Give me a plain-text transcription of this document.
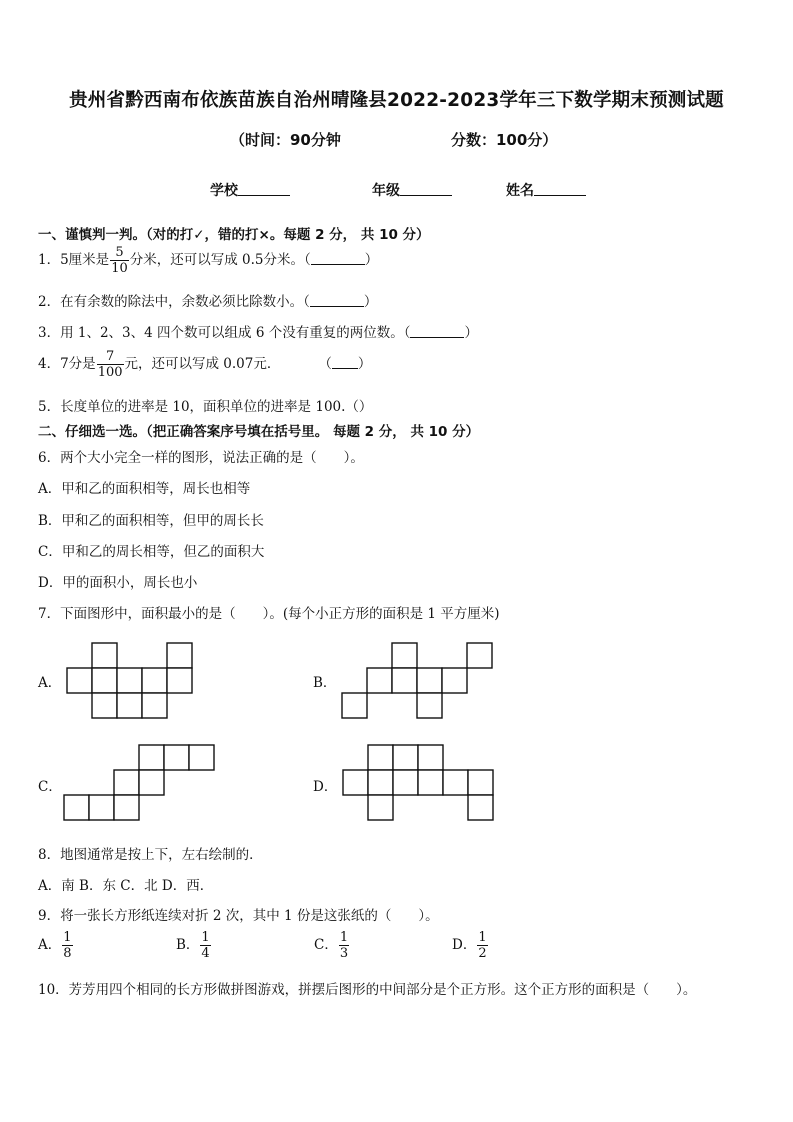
贵州省黔西南布依族苗族自治州晴隆县2022-2023学年三下数学期末预测试题
（时间：90分钟	分数：100分）
学校	年级	姓名
一、谨慎判一判。（对的打✓，错的打×。每题 2 分， 共 10 分）
1．5厘米是 $\frac{5}{10}$ 分米，还可以写成 0.5分米。（	）
2．在有余数的除法中，余数必须比除数小。（	）
3．用 1、2、3、4 四个数可以组成 6 个没有重复的两位数。（	）
4．7分是 $\frac{7}{100}$ 元，还可以写成 0.07元．	（ ）
5．长度单位的进率是 10，面积单位的进率是 100.（）
二、仔细选一选。（把正确答案序号填在括号里。 每题 2 分， 共 10 分）
6．两个大小完全一样的图形，说法正确的是（　　）。
A．甲和乙的面积相等，周长也相等
B．甲和乙的面积相等，但甲的周长长
C．甲和乙的周长相等，但乙的面积大
D．甲的面积小，周长也小
7．下面图形中，面积最小的是（　　）。(每个小正方形的面积是 1 平方厘米)
A．	B．
C．	D．
8．地图通常是按上下，左右绘制的．
A．南 B．东 C．北 D．西．
9．将一张长方形纸连续对折 2 次，其中 1 份是这张纸的（　　）。
A． $\frac{1}{8}$	B． $\frac{1}{4}$	C． $\frac{1}{3}$	D． $\frac{1}{2}$
10．芳芳用四个相同的长方形做拼图游戏，拼摆后图形的中间部分是个正方形。这个正方形的面积是（　　）。
